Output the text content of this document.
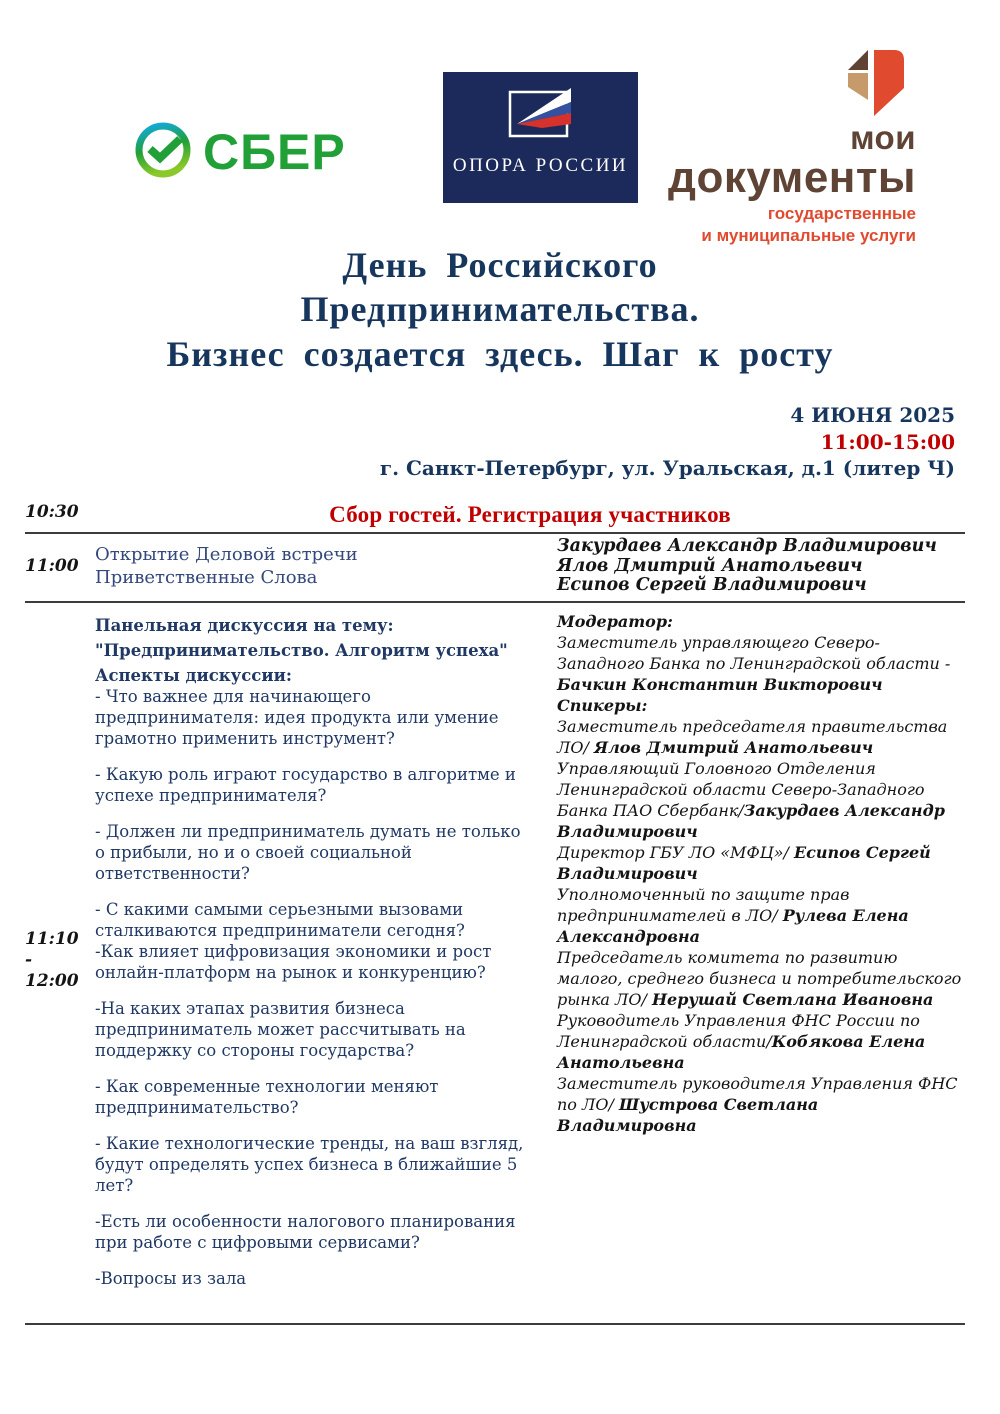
СБЕР	ОПОРА РОССИИ
мои
документы
государственные
и муниципальные услуги
День Российского
Предпринимательства.
Бизнес создается здесь. Шаг к росту
4 ИЮНЯ 2025
11:00-15:00
г. Санкт-Петербург, ул. Уральская, д.1 (литер Ч)
10:30	Сбор гостей. Регистрация участников
11:00
Открытие Деловой встречи
Приветственные Слова
Закурдаев Александр Владимирович
Ялов Дмитрий Анатольевич
Есипов Сергей Владимирович
11:10
-
12:00

Панельная дискуссия на тему:

"Предпринимательство. Алгоритм успеха"

Аспекты дискуссии:

- Что важнее для начинающего предпринимателя: идея продукта или умение грамотно применить инструмент?

- Какую роль играют государство в алгоритме и успехе предпринимателя?

- Должен ли предприниматель думать не только о прибыли, но и о своей социальной ответственности?

- С какими самыми серьезными вызовами сталкиваются предприниматели сегодня?
-Как влияет цифровизация экономики и рост онлайн-платформ на рынок и конкуренцию?

-На каких этапах развития бизнеса предприниматель может рассчитывать на поддержку со стороны государства?

- Как современные технологии меняют предпринимательство?

- Какие технологические тренды, на ваш взгляд, будут определять успех бизнеса в ближайшие 5 лет?

-Есть ли особенности налогового планирования при работе с цифровыми сервисами?

-Вопросы из зала

Модератор:

Заместитель управляющего Северо-Западного Банка по Ленинградской области - Бачкин Константин Викторович

Спикеры:

Заместитель председателя правительства ЛО/ Ялов Дмитрий Анатольевич

Управляющий Головного Отделения Ленинградской области Северо-Западного Банка ПАО Сбербанк/Закурдаев Александр Владимирович

Директор ГБУ ЛО «МФЦ»/ Есипов Сергей Владимирович

Уполномоченный по защите прав предпринимателей в ЛО/ Рулева Елена Александровна

Председатель комитета по развитию малого, среднего бизнеса и потребительского рынка ЛО/ Нерушай Светлана Ивановна

Руководитель Управления ФНС России по Ленинградской области/Кобякова Елена Анатольевна

Заместитель руководителя Управления ФНС по ЛО/ Шустрова Светлана Владимировна
